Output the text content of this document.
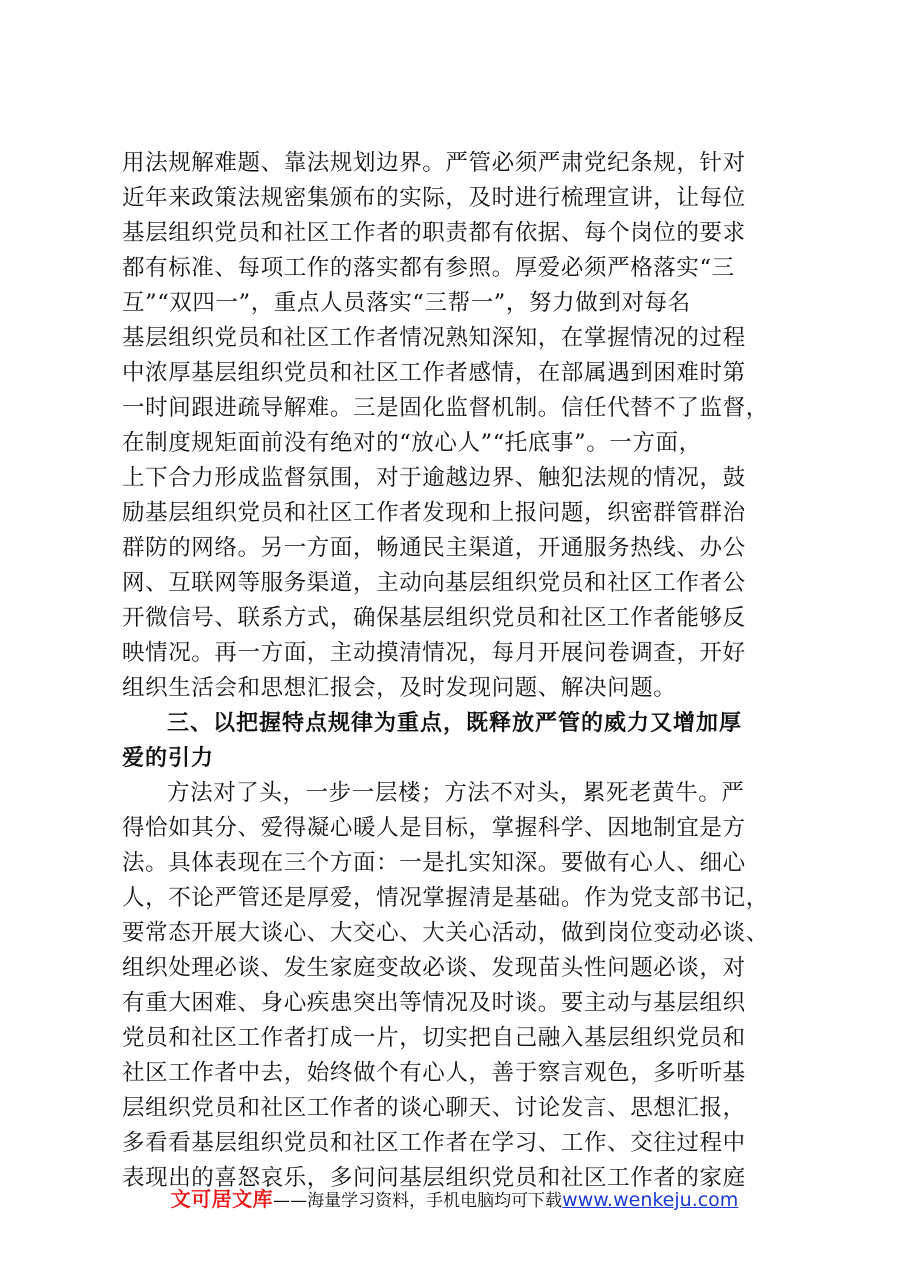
用法规解难题、靠法规划边界。严管必须严肃党纪条规，针对
近年来政策法规密集颁布的实际，及时进行梳理宣讲，让每位
基层组织党员和社区工作者的职责都有依据、每个岗位的要求
都有标准、每项工作的落实都有参照。厚爱必须严格落实“三
互”“双四一”，重点人员落实“三帮一”，努力做到对每名
基层组织党员和社区工作者情况熟知深知，在掌握情况的过程
中浓厚基层组织党员和社区工作者感情，在部属遇到困难时第
一时间跟进疏导解难。三是固化监督机制。信任代替不了监督，
在制度规矩面前没有绝对的“放心人”“托底事”。一方面，
上下合力形成监督氛围，对于逾越边界、触犯法规的情况，鼓
励基层组织党员和社区工作者发现和上报问题，织密群管群治
群防的网络。另一方面，畅通民主渠道，开通服务热线、办公
网、互联网等服务渠道，主动向基层组织党员和社区工作者公
开微信号、联系方式，确保基层组织党员和社区工作者能够反
映情况。再一方面，主动摸清情况，每月开展问卷调查，开好
组织生活会和思想汇报会，及时发现问题、解决问题。
三、以把握特点规律为重点，既释放严管的威力又增加厚
爱的引力
方法对了头，一步一层楼；方法不对头，累死老黄牛。严
得恰如其分、爱得凝心暖人是目标，掌握科学、因地制宜是方
法。具体表现在三个方面：一是扎实知深。要做有心人、细心
人，不论严管还是厚爱，情况掌握清是基础。作为党支部书记，
要常态开展大谈心、大交心、大关心活动，做到岗位变动必谈、
组织处理必谈、发生家庭变故必谈、发现苗头性问题必谈，对
有重大困难、身心疾患突出等情况及时谈。要主动与基层组织
党员和社区工作者打成一片，切实把自己融入基层组织党员和
社区工作者中去，始终做个有心人，善于察言观色，多听听基
层组织党员和社区工作者的谈心聊天、讨论发言、思想汇报，
多看看基层组织党员和社区工作者在学习、工作、交往过程中
表现出的喜怒哀乐，多问问基层组织党员和社区工作者的家庭
文可居文库——海量学习资料，手机电脑均可下载www.wenkeju.com
